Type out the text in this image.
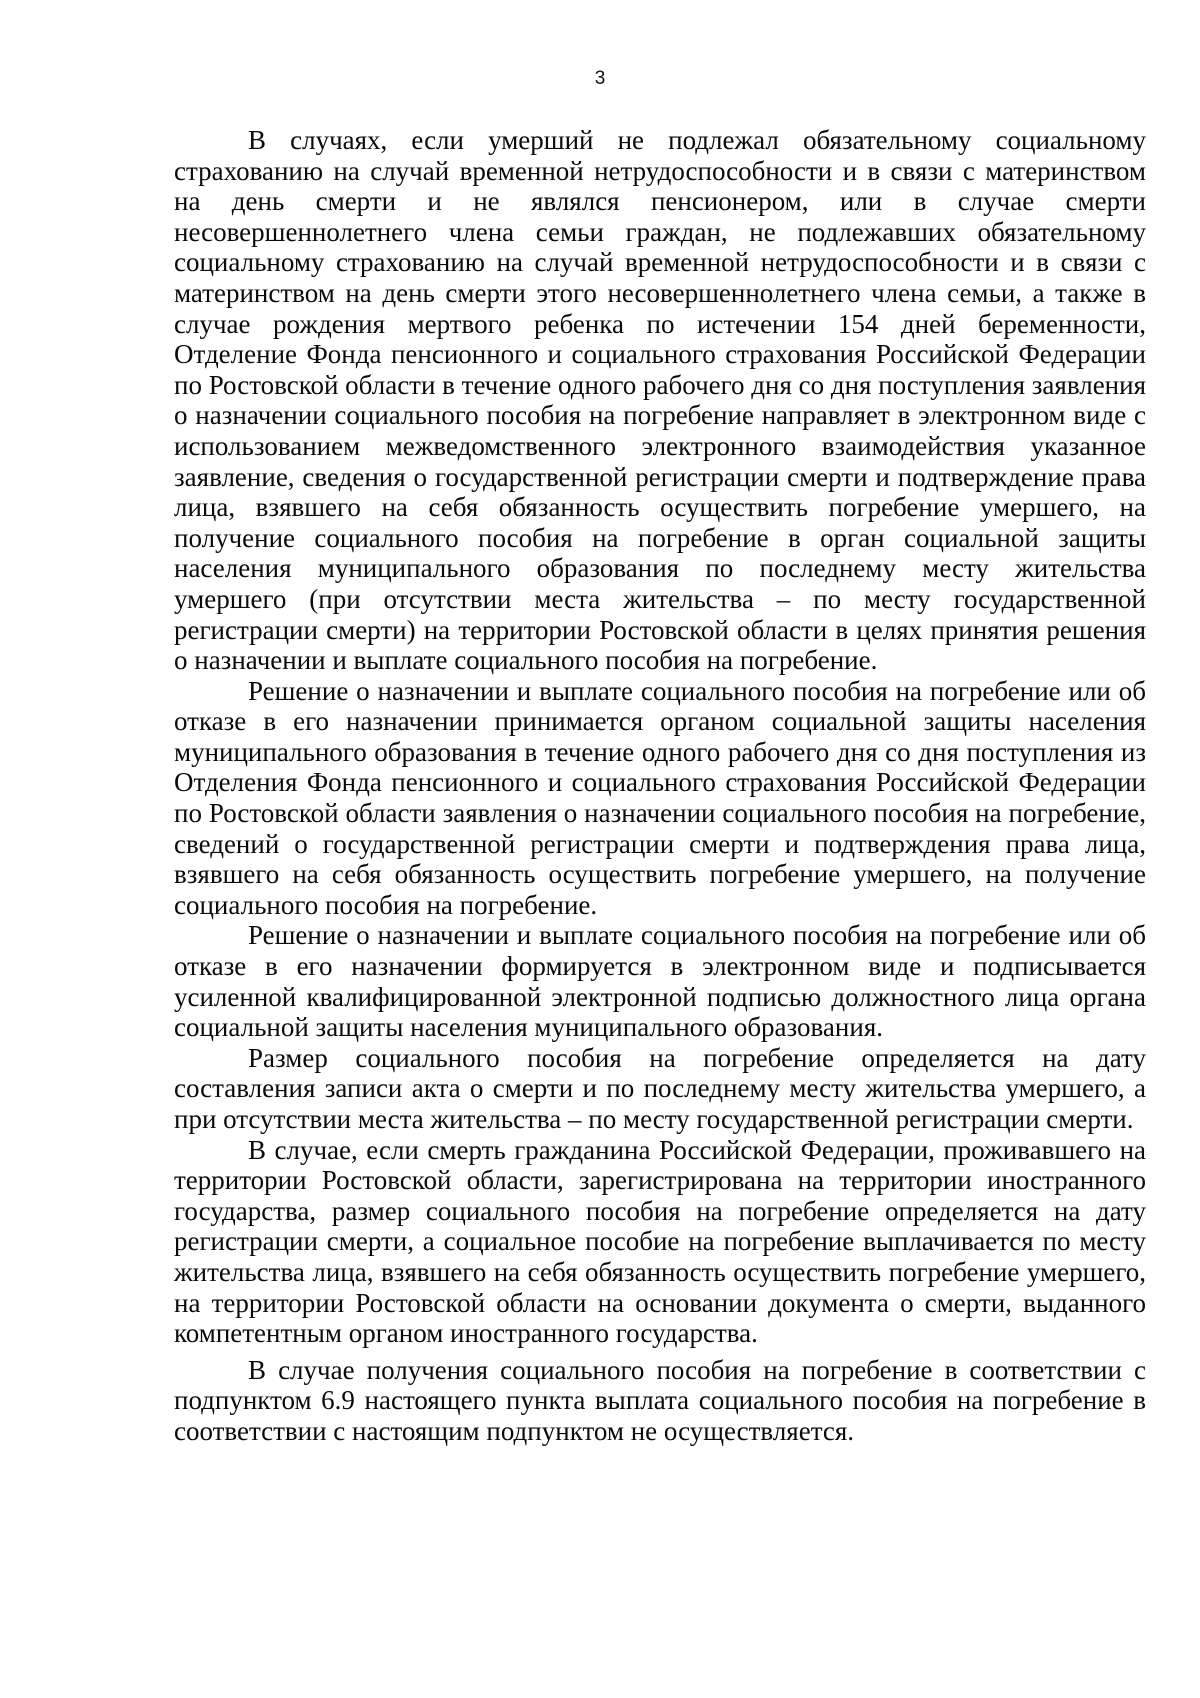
3

В случаях, если умерший не подлежал обязательному социальному страхованию на случай временной нетрудоспособности и в связи с материнством на день смерти и не являлся пенсионером, или в случае смерти несовершеннолетнего члена семьи граждан, не подлежавших обязательному социальному страхованию на случай временной нетрудоспособности и в связи с материнством на день смерти этого несовершеннолетнего члена семьи, а также в случае рождения мертвого ребенка по истечении 154 дней беременности, Отделение Фонда пенсионного и социального страхования Российской Федерации по Ростовской области в течение одного рабочего дня со дня поступления заявления о назначении социального пособия на погребение направляет в электронном виде с использованием межведомственного электронного взаимодействия указанное заявление, сведения о государственной регистрации смерти и подтверждение права лица, взявшего на себя обязанность осуществить погребение умершего, на получение социального пособия на погребение в орган социальной защиты населения муниципального образования по последнему месту жительства умершего (при отсутствии места жительства – по месту государственной регистрации смерти) на территории Ростовской области в целях принятия решения о назначении и выплате социального пособия на погребение.

Решение о назначении и выплате социального пособия на погребение или об отказе в его назначении принимается органом социальной защиты населения муниципального образования в течение одного рабочего дня со дня поступления из Отделения Фонда пенсионного и социального страхования Российской Федерации по Ростовской области заявления о назначении социального пособия на погребение, сведений о государственной регистрации смерти и подтверждения права лица, взявшего на себя обязанность осуществить погребение умершего, на получение социального пособия на погребение.

Решение о назначении и выплате социального пособия на погребение или об отказе в его назначении формируется в электронном виде и подписывается усиленной квалифицированной электронной подписью должностного лица органа социальной защиты населения муниципального образования.

Размер социального пособия на погребение определяется на дату составления записи акта о смерти и по последнему месту жительства умершего, а при отсутствии места жительства – по месту государственной регистрации смерти.

В случае, если смерть гражданина Российской Федерации, проживавшего на территории Ростовской области, зарегистрирована на территории иностранного государства, размер социального пособия на погребение определяется на дату регистрации смерти, а социальное пособие на погребение выплачивается по месту жительства лица, взявшего на себя обязанность осуществить погребение умершего, на территории Ростовской области на основании документа о смерти, выданного компетентным органом иностранного государства.

В случае получения социального пособия на погребение в соответствии с подпунктом 6.9 настоящего пункта выплата социального пособия на погребение в соответствии с настоящим подпунктом не осуществляется.
